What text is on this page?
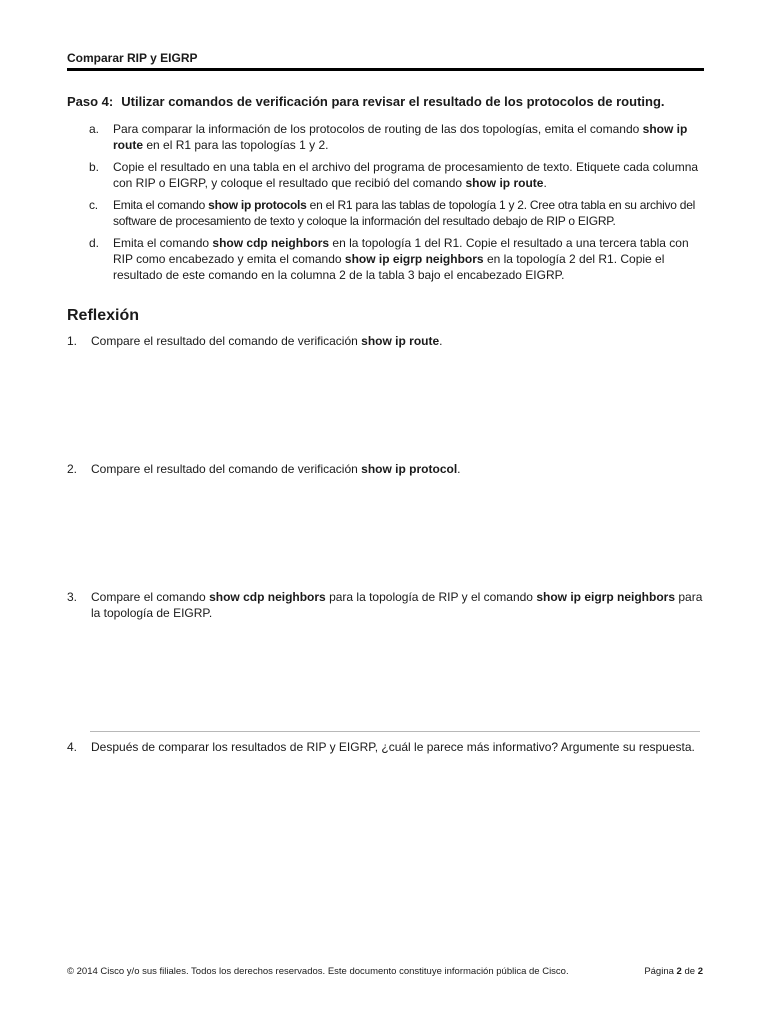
Comparar RIP y EIGRP
Paso 4: Utilizar comandos de verificación para revisar el resultado de los protocolos de routing.
a. Para comparar la información de los protocolos de routing de las dos topologías, emita el comando show ip route en el R1 para las topologías 1 y 2.
b. Copie el resultado en una tabla en el archivo del programa de procesamiento de texto. Etiquete cada columna con RIP o EIGRP, y coloque el resultado que recibió del comando show ip route.
c. Emita el comando show ip protocols en el R1 para las tablas de topología 1 y 2. Cree otra tabla en su archivo del software de procesamiento de texto y coloque la información del resultado debajo de RIP o EIGRP.
d. Emita el comando show cdp neighbors en la topología 1 del R1. Copie el resultado a una tercera tabla con RIP como encabezado y emita el comando show ip eigrp neighbors en la topología 2 del R1. Copie el resultado de este comando en la columna 2 de la tabla 3 bajo el encabezado EIGRP.
Reflexión
1.	Compare el resultado del comando de verificación show ip route.
2.	Compare el resultado del comando de verificación show ip protocol.
3.	Compare el comando show cdp neighbors para la topología de RIP y el comando show ip eigrp neighbors para la topología de EIGRP.
4.	Después de comparar los resultados de RIP y EIGRP, ¿cuál le parece más informativo? Argumente su respuesta.
© 2014 Cisco y/o sus filiales. Todos los derechos reservados. Este documento constituye información pública de Cisco.	Página 2 de 2
